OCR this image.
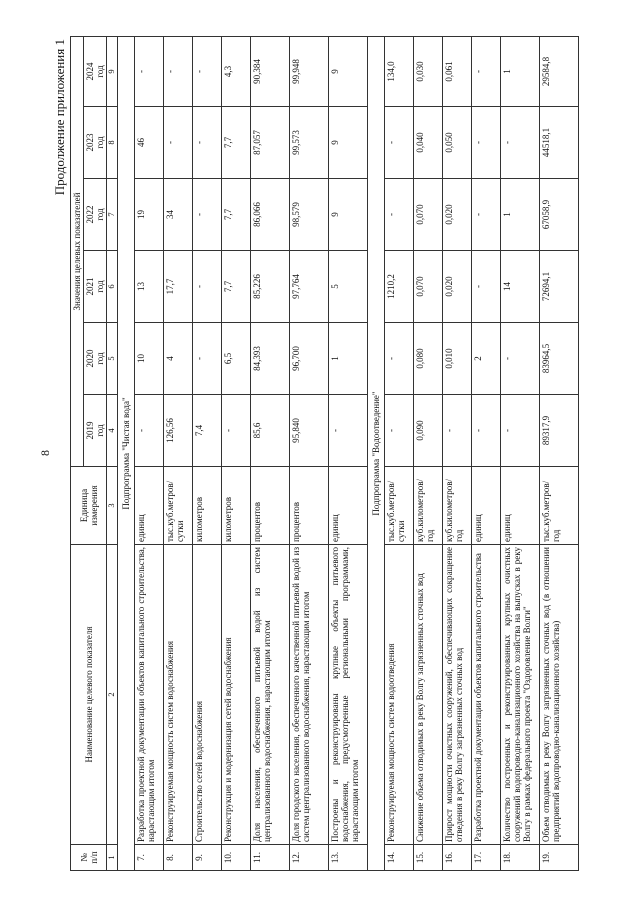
8
Продолжение приложения 1
№
п/п	Наименование целевого показателя	Единица
измерения	Значения целевых показателей					
			2019
год	2020
год	2021
год	2022
год	2023
год	2024
год
1	2	3	4	5	6	7	8	9
Подпрограмма "Чистая вода"								
7.	Разработка проектной документации объектов капитального строительства, нарастающим итогом	единиц	-	10	13	19	46	-
8.	Реконструируемая мощность систем водоснабжения	тыс.куб.метров/
сутки	126,56	4	17,7	34	-	-
9.	Строительство сетей водоснабжения	километров	7,4	-	-	-	-	-
10.	Реконструкция и модернизация сетей водоснабжения	километров	-	6,5	7,7	7,7	7,7	4,3
11.	Доля населения, обеспеченного питьевой водой из систем централизованного водоснабжения, нарастающим итогом	процентов	85,6	84,393	85,226	86,066	87,057	90,384
12.	Доля городского населения, обеспеченного качественной питьевой водой из систем централизованного водоснабжения, нарастающим итогом	процентов	95,840	96,700	97,764	98,579	99,573	99,948
13.	Построены и реконструированы крупные объекты питьевого водоснабжения, предусмотренные региональными программами, нарастающим итогом	единиц	-	1	5	9	9	9
Подпрограмма "Водоотведение"								
14.	Реконструируемая мощность систем водоотведения	тыс.куб.метров/
сутки	-	-	1210,2	-	-	134,0
15.	Снижение объема отводимых в реку Волгу загрязненных сточных вод	куб.километров/
год	0,090	0,080	0,070	0,070	0,040	0,030
16.	Прирост мощности очистных сооружений, обеспечивающих сокращение отведения в реку Волгу загрязненных сточных вод	куб.километров/
год	-	0,010	0,020	0,020	0,050	0,061
17.	Разработка проектной документации объектов капитального строительства	единиц	-	2	-	-	-	-
18.	Количество построенных и реконструированных крупных очистных сооружений водопроводно-канализационного хозяйства на выпусках в реку Волгу в рамках федерального проекта "Оздоровление Волги"	единиц	-	-	14	1	-	1
19.	Объем отводимых в реку Волгу загрязненных сточных вод (в отношении предприятий водопроводно-канализационного хозяйства)	тыс.куб.метров/
год	89317,9	83964,5	72694,1	67058,9	44518,1	29584,8
